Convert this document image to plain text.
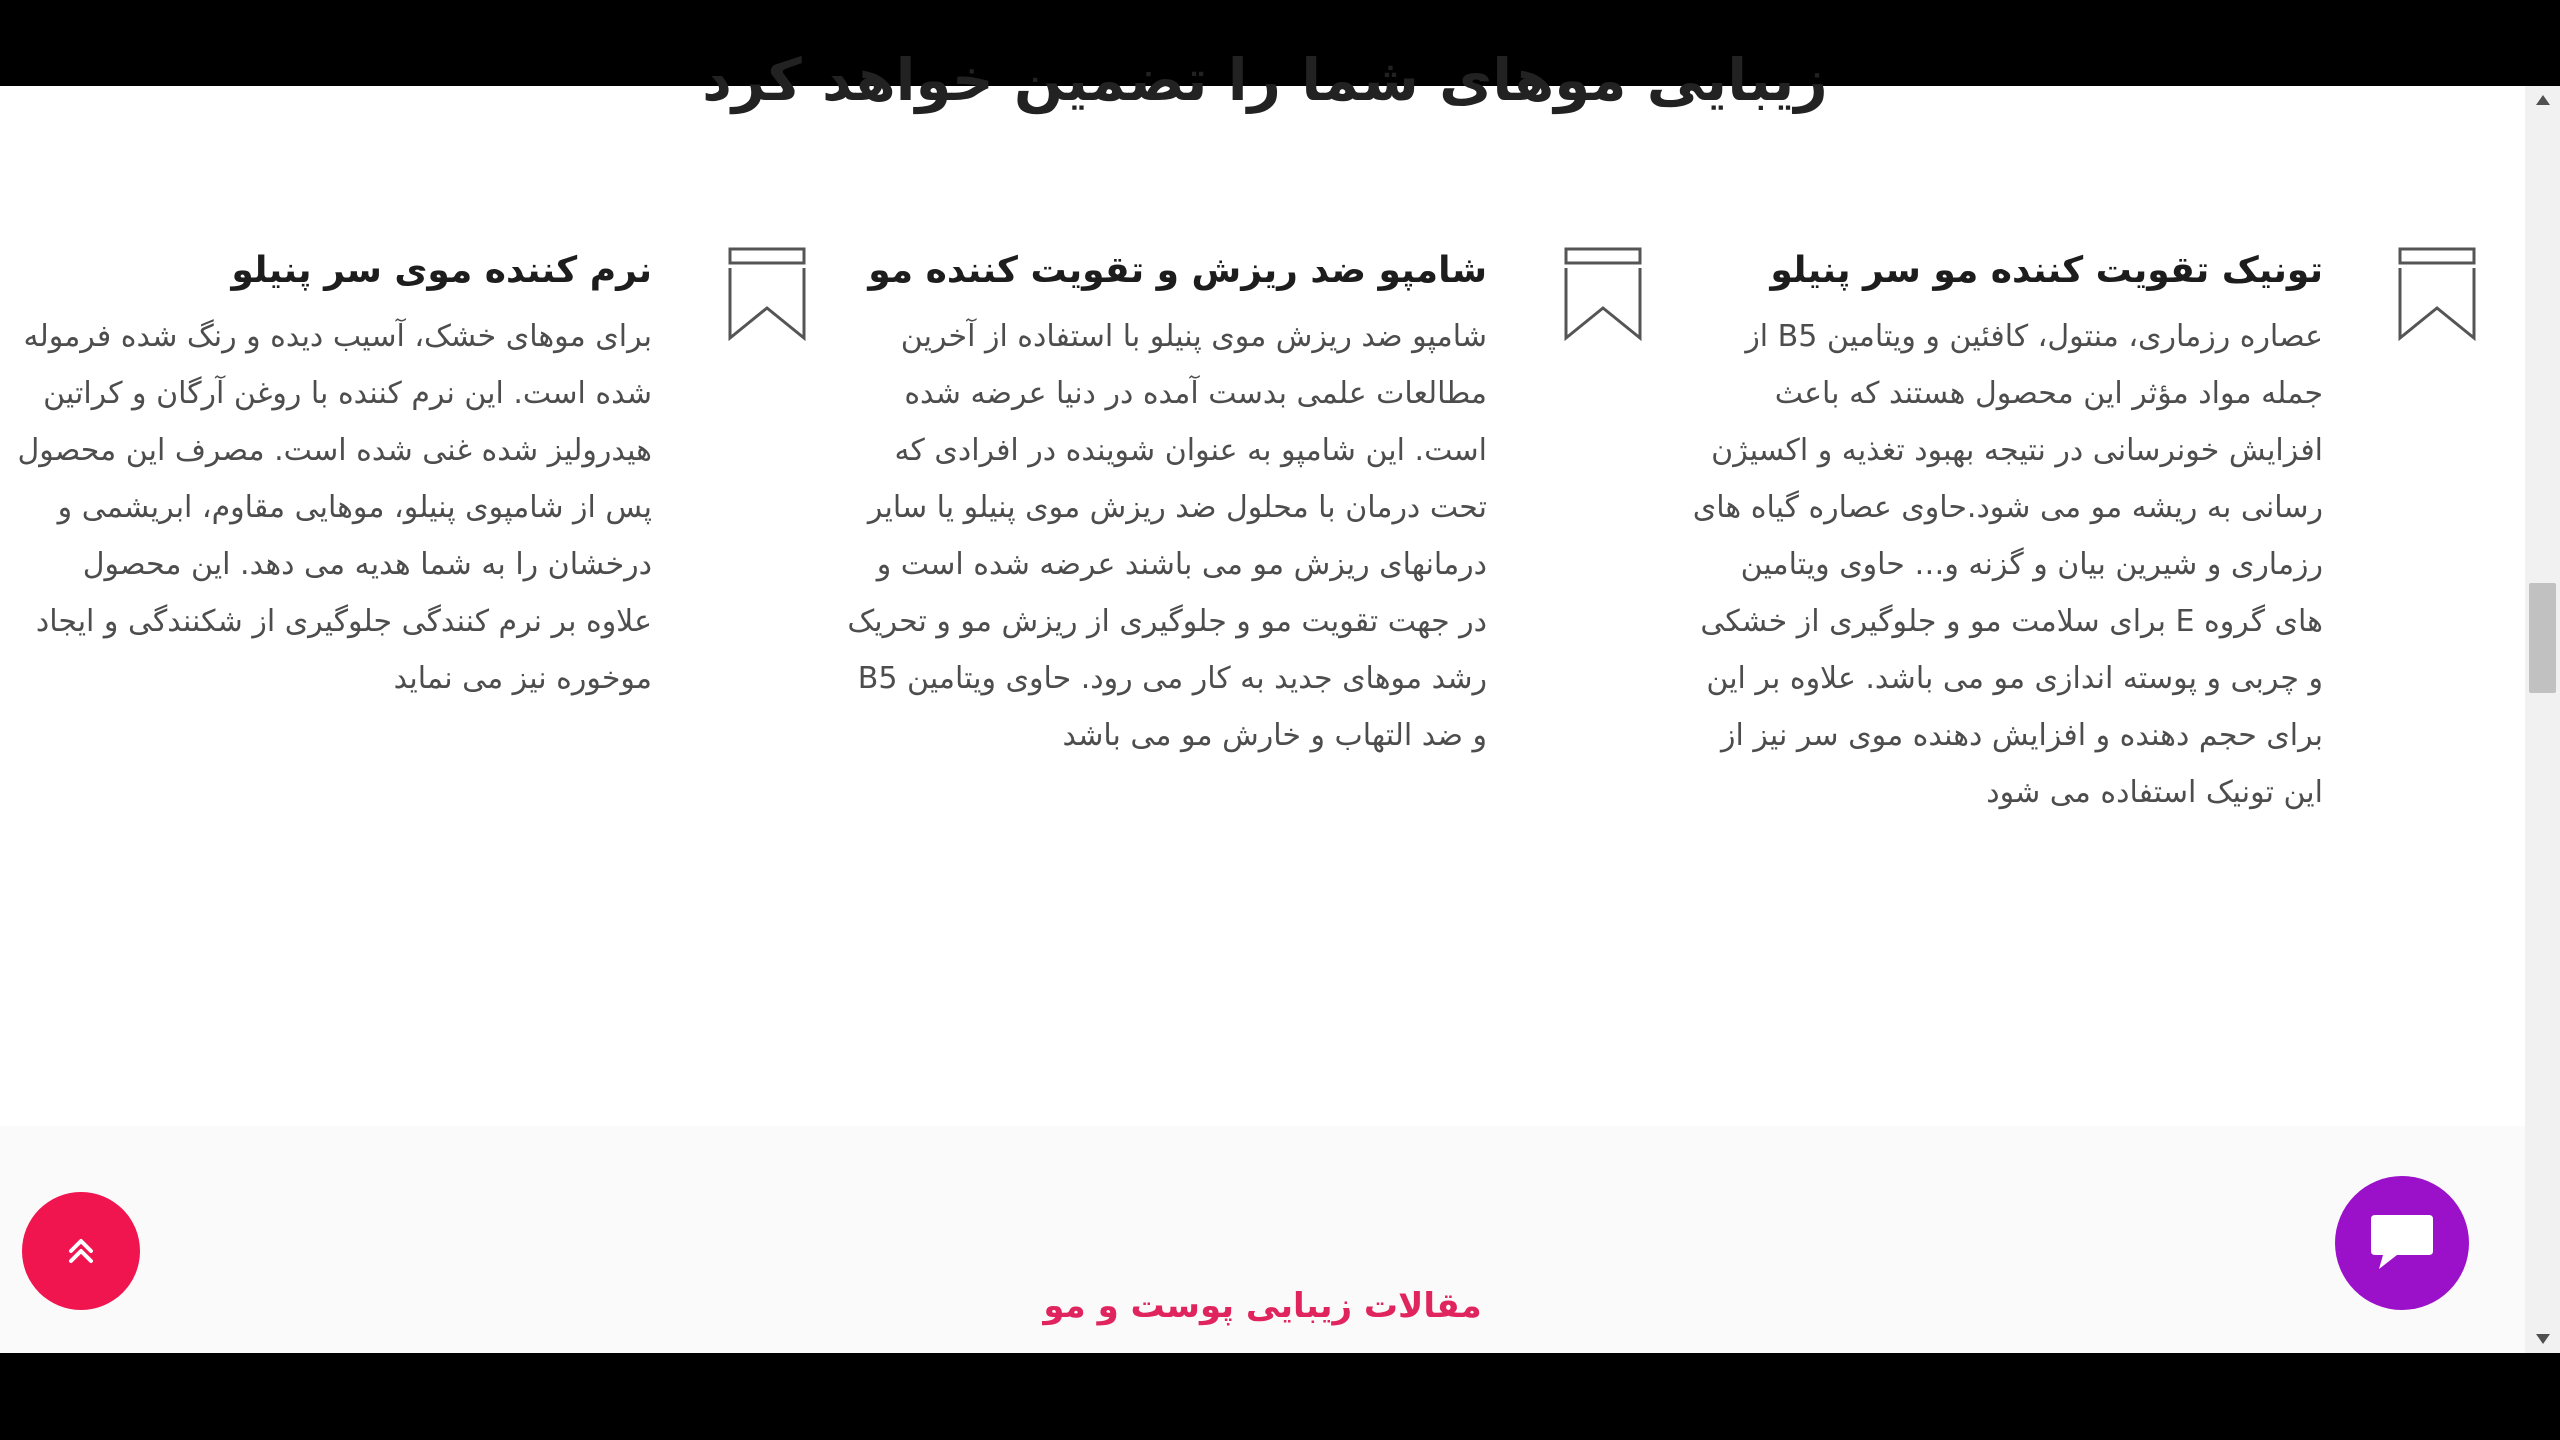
زیبایی موهای شما را تضمین خواهد کرد
تونیک تقویت کننده مو سر پنیلو

عصاره رزماری، منتول، کافئین و ویتامین B5 از جمله مواد مؤثر این محصول هستند که باعث افزایش خونرسانی در نتیجه بهبود تغذیه و اکسیژن رسانی به ریشه مو می شود.حاوی عصاره گیاه های رزماری و شیرین بیان و گزنه و… حاوی ویتامین های گروه E برای سلامت مو و جلوگیری از خشکی و چربی و پوسته اندازی مو می باشد. علاوه بر این برای حجم دهنده و افزایش دهنده موی سر نیز از این تونیک استفاده می شود

شامپو ضد ریزش و تقویت کننده مو

شامپو ضد ریزش موی پنیلو با استفاده از آخرین مطالعات علمی بدست آمده در دنیا عرضه شده است. این شامپو به عنوان شوینده در افرادی که تحت درمان با محلول ضد ریزش موی پنیلو یا سایر درمانهای ریزش مو می باشند عرضه شده است و در جهت تقویت مو و جلوگیری از ریزش مو و تحریک رشد موهای جدید به کار می رود. حاوی ویتامین B5 و ضد التهاب و خارش مو می باشد

نرم کننده موی سر پنیلو

برای موهای خشک، آسیب دیده و رنگ شده فرموله شده است. این نرم کننده با روغن آرگان و کراتین هیدرولیز شده غنی شده است. مصرف این محصول پس از شامپوی پنیلو، موهایی مقاوم، ابریشمی و درخشان را به شما هدیه می دهد. این محصول علاوه بر نرم کنندگی جلوگیری از شکنندگی و ایجاد موخوره نیز می نماید

مقالات زیبایی پوست و مو
